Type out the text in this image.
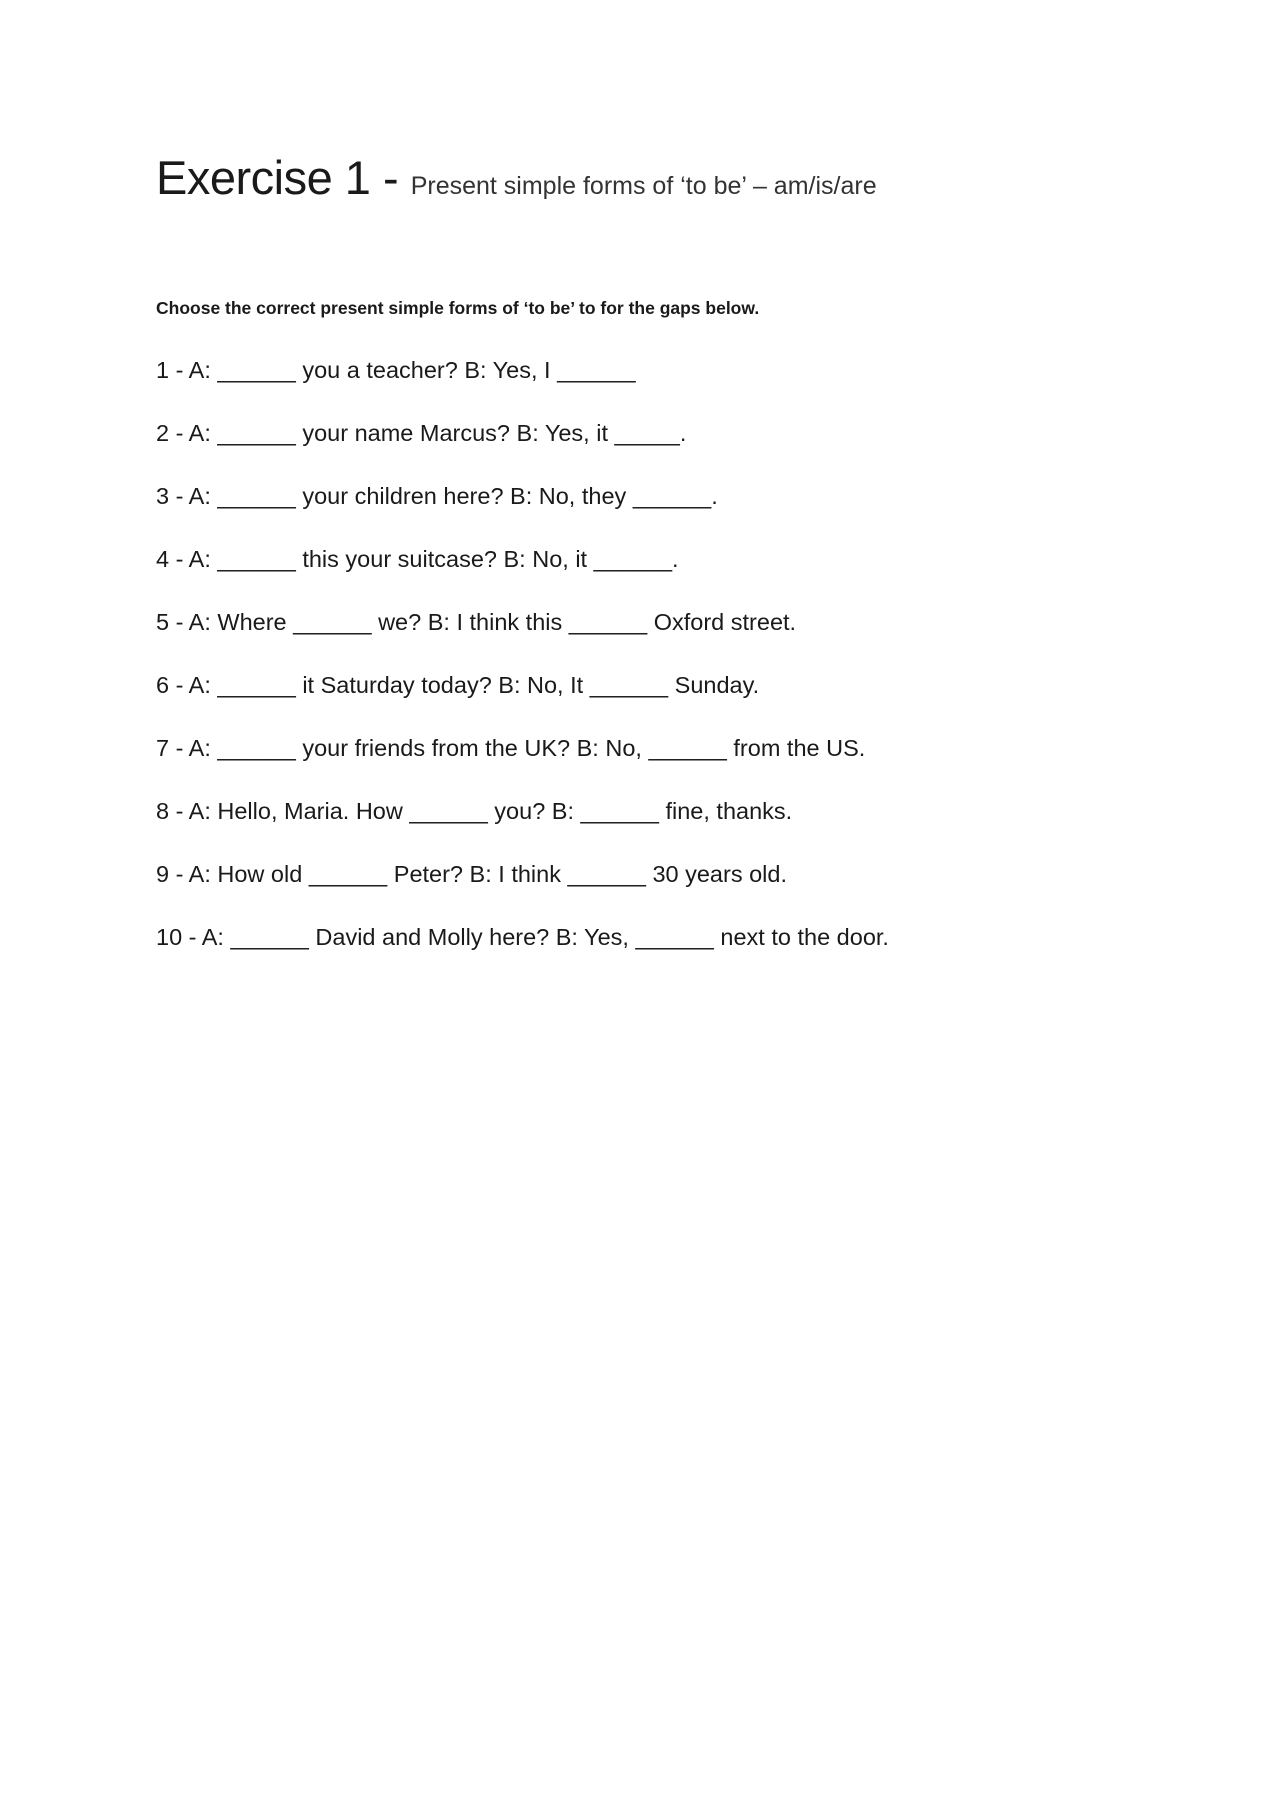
Exercise 1 - Present simple forms of ‘to be’ – am/is/are
Choose the correct present simple forms of ‘to be’ to for the gaps below.
1 - A: ______ you a teacher? B: Yes, I ______
2 - A: ______ your name Marcus? B: Yes, it _____.
3 - A: ______ your children here? B: No, they ______.
4 - A: ______ this your suitcase? B: No, it ______.
5 - A: Where ______ we? B: I think this ______ Oxford street.
6 - A: ______ it Saturday today? B: No, It ______ Sunday.
7 - A: ______ your friends from the UK? B: No, ______ from the US.
8 - A: Hello, Maria. How ______ you? B: ______ fine, thanks.
9 - A: How old ______ Peter? B: I think ______ 30 years old.
10 - A: ______ David and Molly here? B: Yes, ______ next to the door.
